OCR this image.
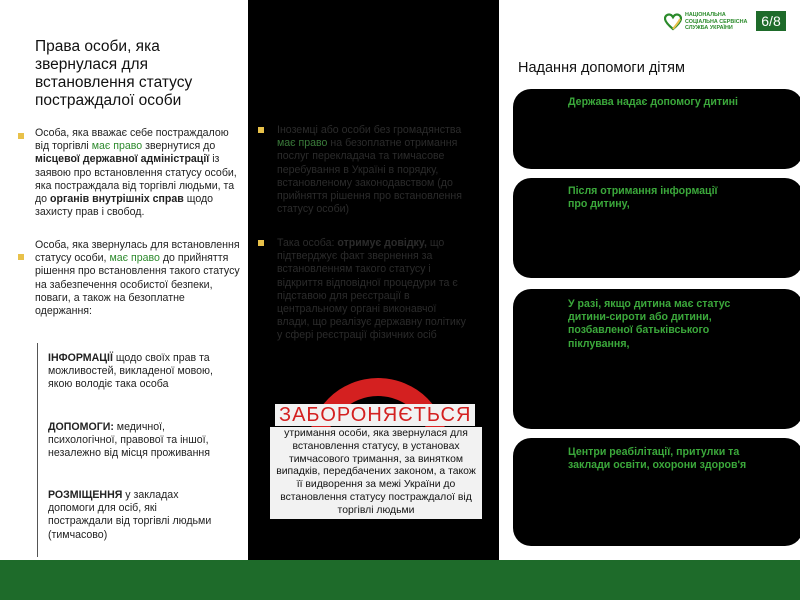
Права особи, яка звернулася для встановлення статусу постраждалої особи
Особа, яка вважає себе постраждалою від торгівлі має право звернутися до місцевої державної адміністрації із заявою про встановлення статусу особи, яка постраждала від торгівлі людьми, та до органів внутрішніх справ щодо захисту прав і свобод.
Особа, яка звернулась для встановлення статусу особи, має право до прийняття рішення про встановлення такого статусу на забезпечення особистої безпеки, поваги, а також на безоплатне одержання:
ІНФОРМАЦІЇ щодо своїх прав та можливостей, викладеної мовою, якою володіє така особа
ДОПОМОГИ: медичної, психологічної, правової та іншої, незалежно від місця проживання
РОЗМІЩЕННЯ у закладах допомоги для осіб, які постраждали від торгівлі людьми (тимчасово)
Іноземці або особи без громадянства має право на безоплатне отримання послуг перекладача та тимчасове перебування в Україні в порядку, встановленому законодавством (до прийняття рішення про встановлення статусу особи)
Така особа: отримує довідку, що підтверджує факт звернення за встановленням такого статусу і відкриття відповідної процедури та є підставою для реєстрації в центральному органі виконавчої влади, що реалізує державну політику у сфері реєстрації фізичних осіб
ЗАБОРОНЯЄТЬСЯ
утримання особи, яка звернулася для встановлення статусу, в установах тимчасового тримання, за винятком випадків, передбачених законом, а також її видворення за межі України до встановлення статусу постраждалої від торгівлі людьми
НАЦІОНАЛЬНА
СОЦІАЛЬНА СЕРВІСНА
СЛУЖБА УКРАЇНИ	6/8
Надання допомоги дітям
Держава надає допомогу дитині
Після отримання інформації про дитину,
У разі, якщо дитина має статус дитини-сироти або дитини, позбавленої батьківського піклування,
Центри реабілітації, притулки та заклади освіти, охорони здоров'я
